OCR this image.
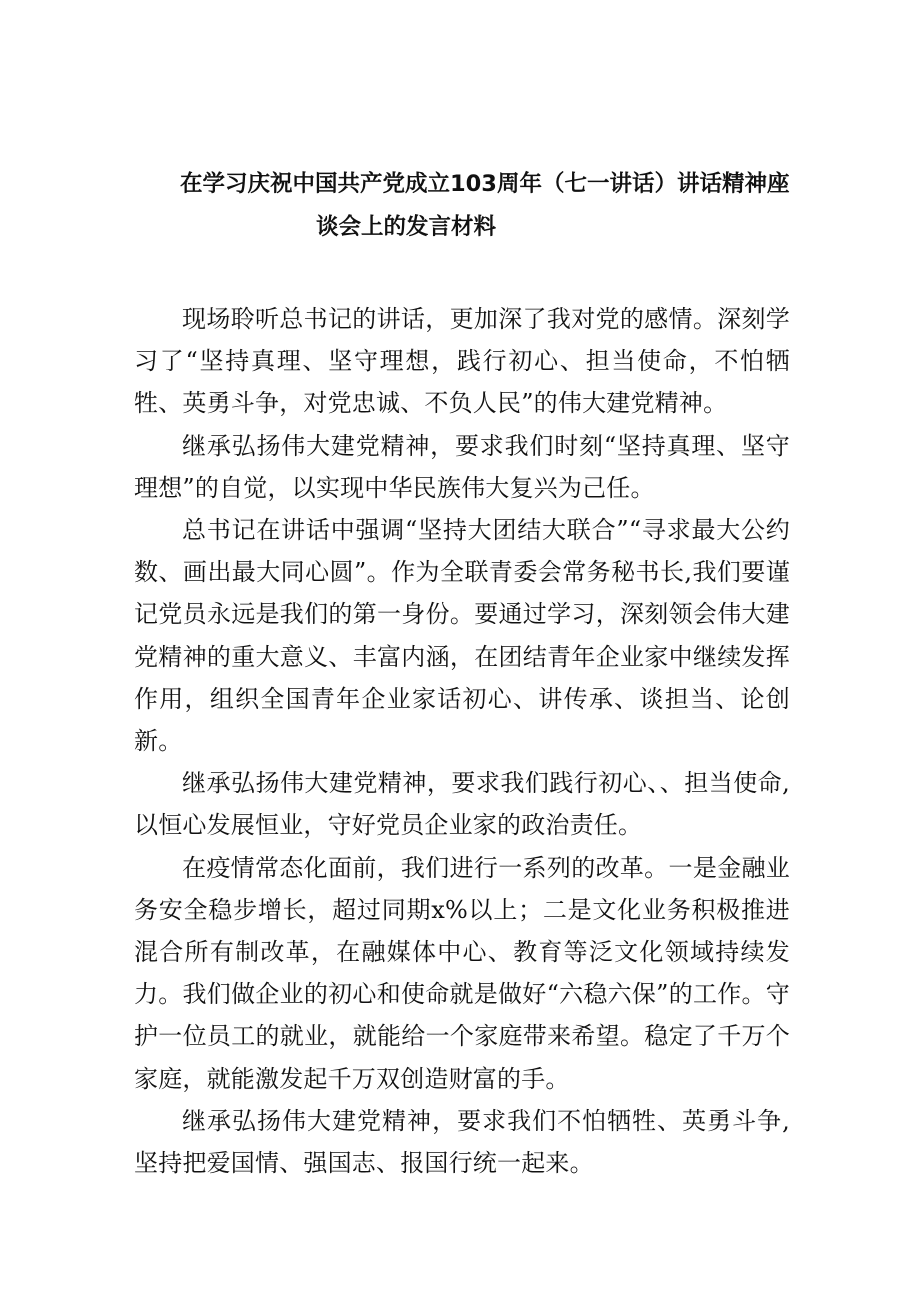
在学习庆祝中国共产党成立103周年（七一讲话）讲话精神座
谈会上的发言材料

现场聆听总书记的讲话，更加深了我对党的感情。深刻学习了“坚持真理、坚守理想，践行初心、担当使命，不怕牺牲、英勇斗争，对党忠诚、不负人民”的伟大建党精神。

继承弘扬伟大建党精神，要求我们时刻“坚持真理、坚守理想”的自觉，以实现中华民族伟大复兴为己任。

总书记在讲话中强调“坚持大团结大联合”“寻求最大公约数、画出最大同心圆”。作为全联青委会常务秘书长,我们要谨记党员永远是我们的第一身份。要通过学习，深刻领会伟大建党精神的重大意义、丰富内涵，在团结青年企业家中继续发挥作用，组织全国青年企业家话初心、讲传承、谈担当、论创新。

继承弘扬伟大建党精神，要求我们践行初心、、担当使命,以恒心发展恒业，守好党员企业家的政治责任。

在疫情常态化面前，我们进行一系列的改革。一是金融业务安全稳步增长，超过同期x%以上；二是文化业务积极推进混合所有制改革，在融媒体中心、教育等泛文化领域持续发力。我们做企业的初心和使命就是做好“六稳六保”的工作。守护一位员工的就业，就能给一个家庭带来希望。稳定了千万个家庭，就能激发起千万双创造财富的手。

继承弘扬伟大建党精神，要求我们不怕牺牲、英勇斗争,坚持把爱国情、强国志、报国行统一起来。
